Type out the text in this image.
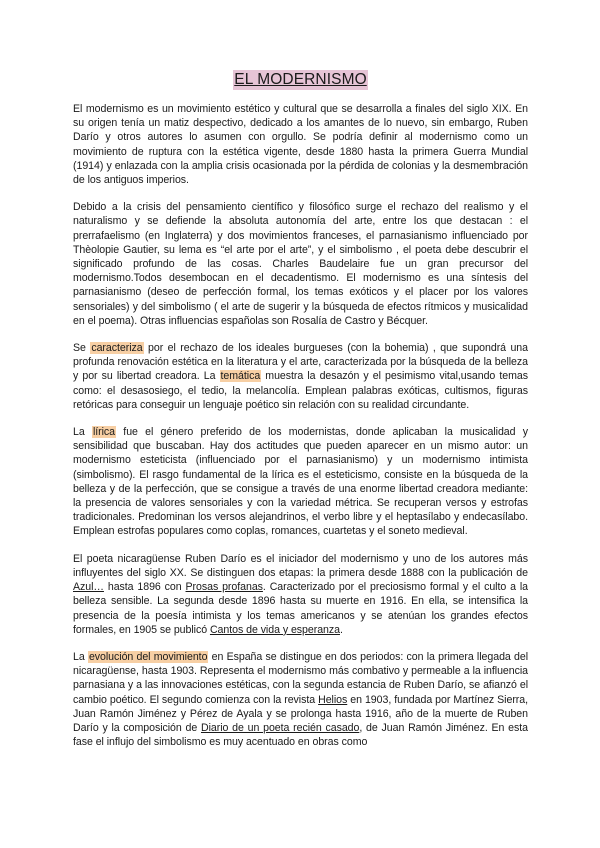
EL MODERNISMO

El modernismo es un movimiento estético y cultural que se desarrolla a finales del siglo XIX. En su origen tenía un matiz despectivo, dedicado a los amantes de lo nuevo, sin embargo, Ruben Darío y otros autores lo asumen con orgullo. Se podría definir al modernismo como un movimiento de ruptura con la estética vigente, desde 1880 hasta la primera Guerra Mundial (1914) y enlazada con la amplia crisis ocasionada por la pérdida de colonias y la desmembración de los antiguos imperios.

Debido a la crisis del pensamiento científico y filosófico surge el rechazo del realismo y el naturalismo y se defiende la absoluta autonomía del arte, entre los que destacan : el prerrafaelismo (en Inglaterra) y dos movimientos franceses, el parnasianismo influenciado por Thèolopie Gautier, su lema es “el arte por el arte”, y el simbolismo , el poeta debe descubrir el significado profundo de las cosas. Charles Baudelaire fue un gran precursor del modernismo.Todos desembocan en el decadentismo. El modernismo es una síntesis del parnasianismo (deseo de perfección formal, los temas exóticos y el placer por los valores sensoriales) y del simbolismo ( el arte de sugerir y la búsqueda de efectos rítmicos y musicalidad en el poema). Otras influencias españolas son Rosalía de Castro y Bécquer.

Se caracteriza por el rechazo de los ideales burgueses (con la bohemia) , que supondrá una profunda renovación estética en la literatura y el arte, caracterizada por la búsqueda de la belleza y por su libertad creadora. La temática muestra la desazón y el pesimismo vital,usando temas como: el desasosiego, el tedio, la melancolía. Emplean palabras exóticas, cultismos, figuras retóricas para conseguir un lenguaje poético sin relación con su realidad circundante.

La lírica fue el género preferido de los modernistas, donde aplicaban la musicalidad y sensibilidad que buscaban. Hay dos actitudes que pueden aparecer en un mismo autor: un modernismo esteticista (influenciado por el parnasianismo) y un modernismo intimista (simbolismo). El rasgo fundamental de la lírica es el esteticismo, consiste en la búsqueda de la belleza y de la perfección, que se consigue a través de una enorme libertad creadora mediante: la presencia de valores sensoriales y con la variedad métrica. Se recuperan versos y estrofas tradicionales. Predominan los versos alejandrinos, el verbo libre y el heptasílabo y endecasílabo. Emplean estrofas populares como coplas, romances, cuartetas y el soneto medieval.

El poeta nicaragüense Ruben Darío es el iniciador del modernismo y uno de los autores más influyentes del siglo XX. Se distinguen dos etapas: la primera desde 1888 con la publicación de Azul… hasta 1896 con Prosas profanas. Caracterizado por el preciosismo formal y el culto a la belleza sensible. La segunda desde 1896 hasta su muerte en 1916. En ella, se intensifica la presencia de la poesía intimista y los temas americanos y se atenúan los grandes efectos formales, en 1905 se publicó Cantos de vida y esperanza.

La evolución del movimiento en España se distingue en dos periodos: con la primera llegada del nicaragüense, hasta 1903. Representa el modernismo más combativo y permeable a la influencia parnasiana y a las innovaciones estéticas, con la segunda estancia de Ruben Darío, se afianzó el cambio poético. El segundo comienza con la revista Helios en 1903, fundada por Martínez Sierra, Juan Ramón Jiménez y Pérez de Ayala y se prolonga hasta 1916, año de la muerte de Ruben Darío y la composición de Diario de un poeta recién casado, de Juan Ramón Jiménez. En esta fase el influjo del simbolismo es muy acentuado en obras como
